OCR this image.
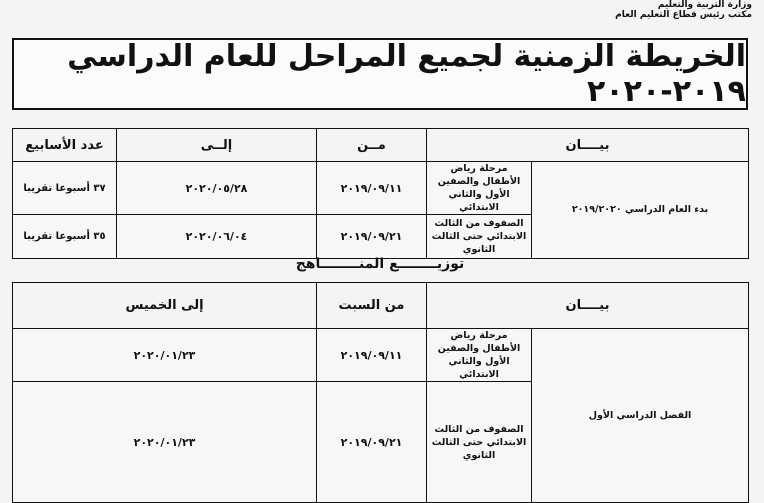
وزارة التربية والتعليم
مكتب رئيس قطاع التعليم العام
الخريطة الزمنية لجميع المراحل للعام الدراسي ٢٠١٩-٢٠٢٠
بيــــان		مــن	إلــى	عدد الأسابيع	
بدء العام الدراسي ٢٠١٩/٢٠٢٠	مرحلة رياض الأطفال والصفين الأول والثاني الابتدائي	٢٠١٩/٠٩/١١	٢٠٢٠/٠٥/٢٨	٣٧ أسبوعا تقريبا	
	الصفوف من الثالث الابتدائي حتى الثالث الثانوي	٢٠١٩/٠٩/٢١	٢٠٢٠/٠٦/٠٤	٣٥ أسبوعا تقريبا	
توزيــــــــع المنــــــــاهج
بيــــان		من السبت	إلى الخميس	
الفصل الدراسي الأول	مرحلة رياض الأطفال والصفين الأول والثاني الابتدائي	٢٠١٩/٠٩/١١	٢٠٢٠/٠١/٢٣	
	الصفوف من الثالث الابتدائي حتى الثالث الثانوي	٢٠١٩/٠٩/٢١	٢٠٢٠/٠١/٢٣	
